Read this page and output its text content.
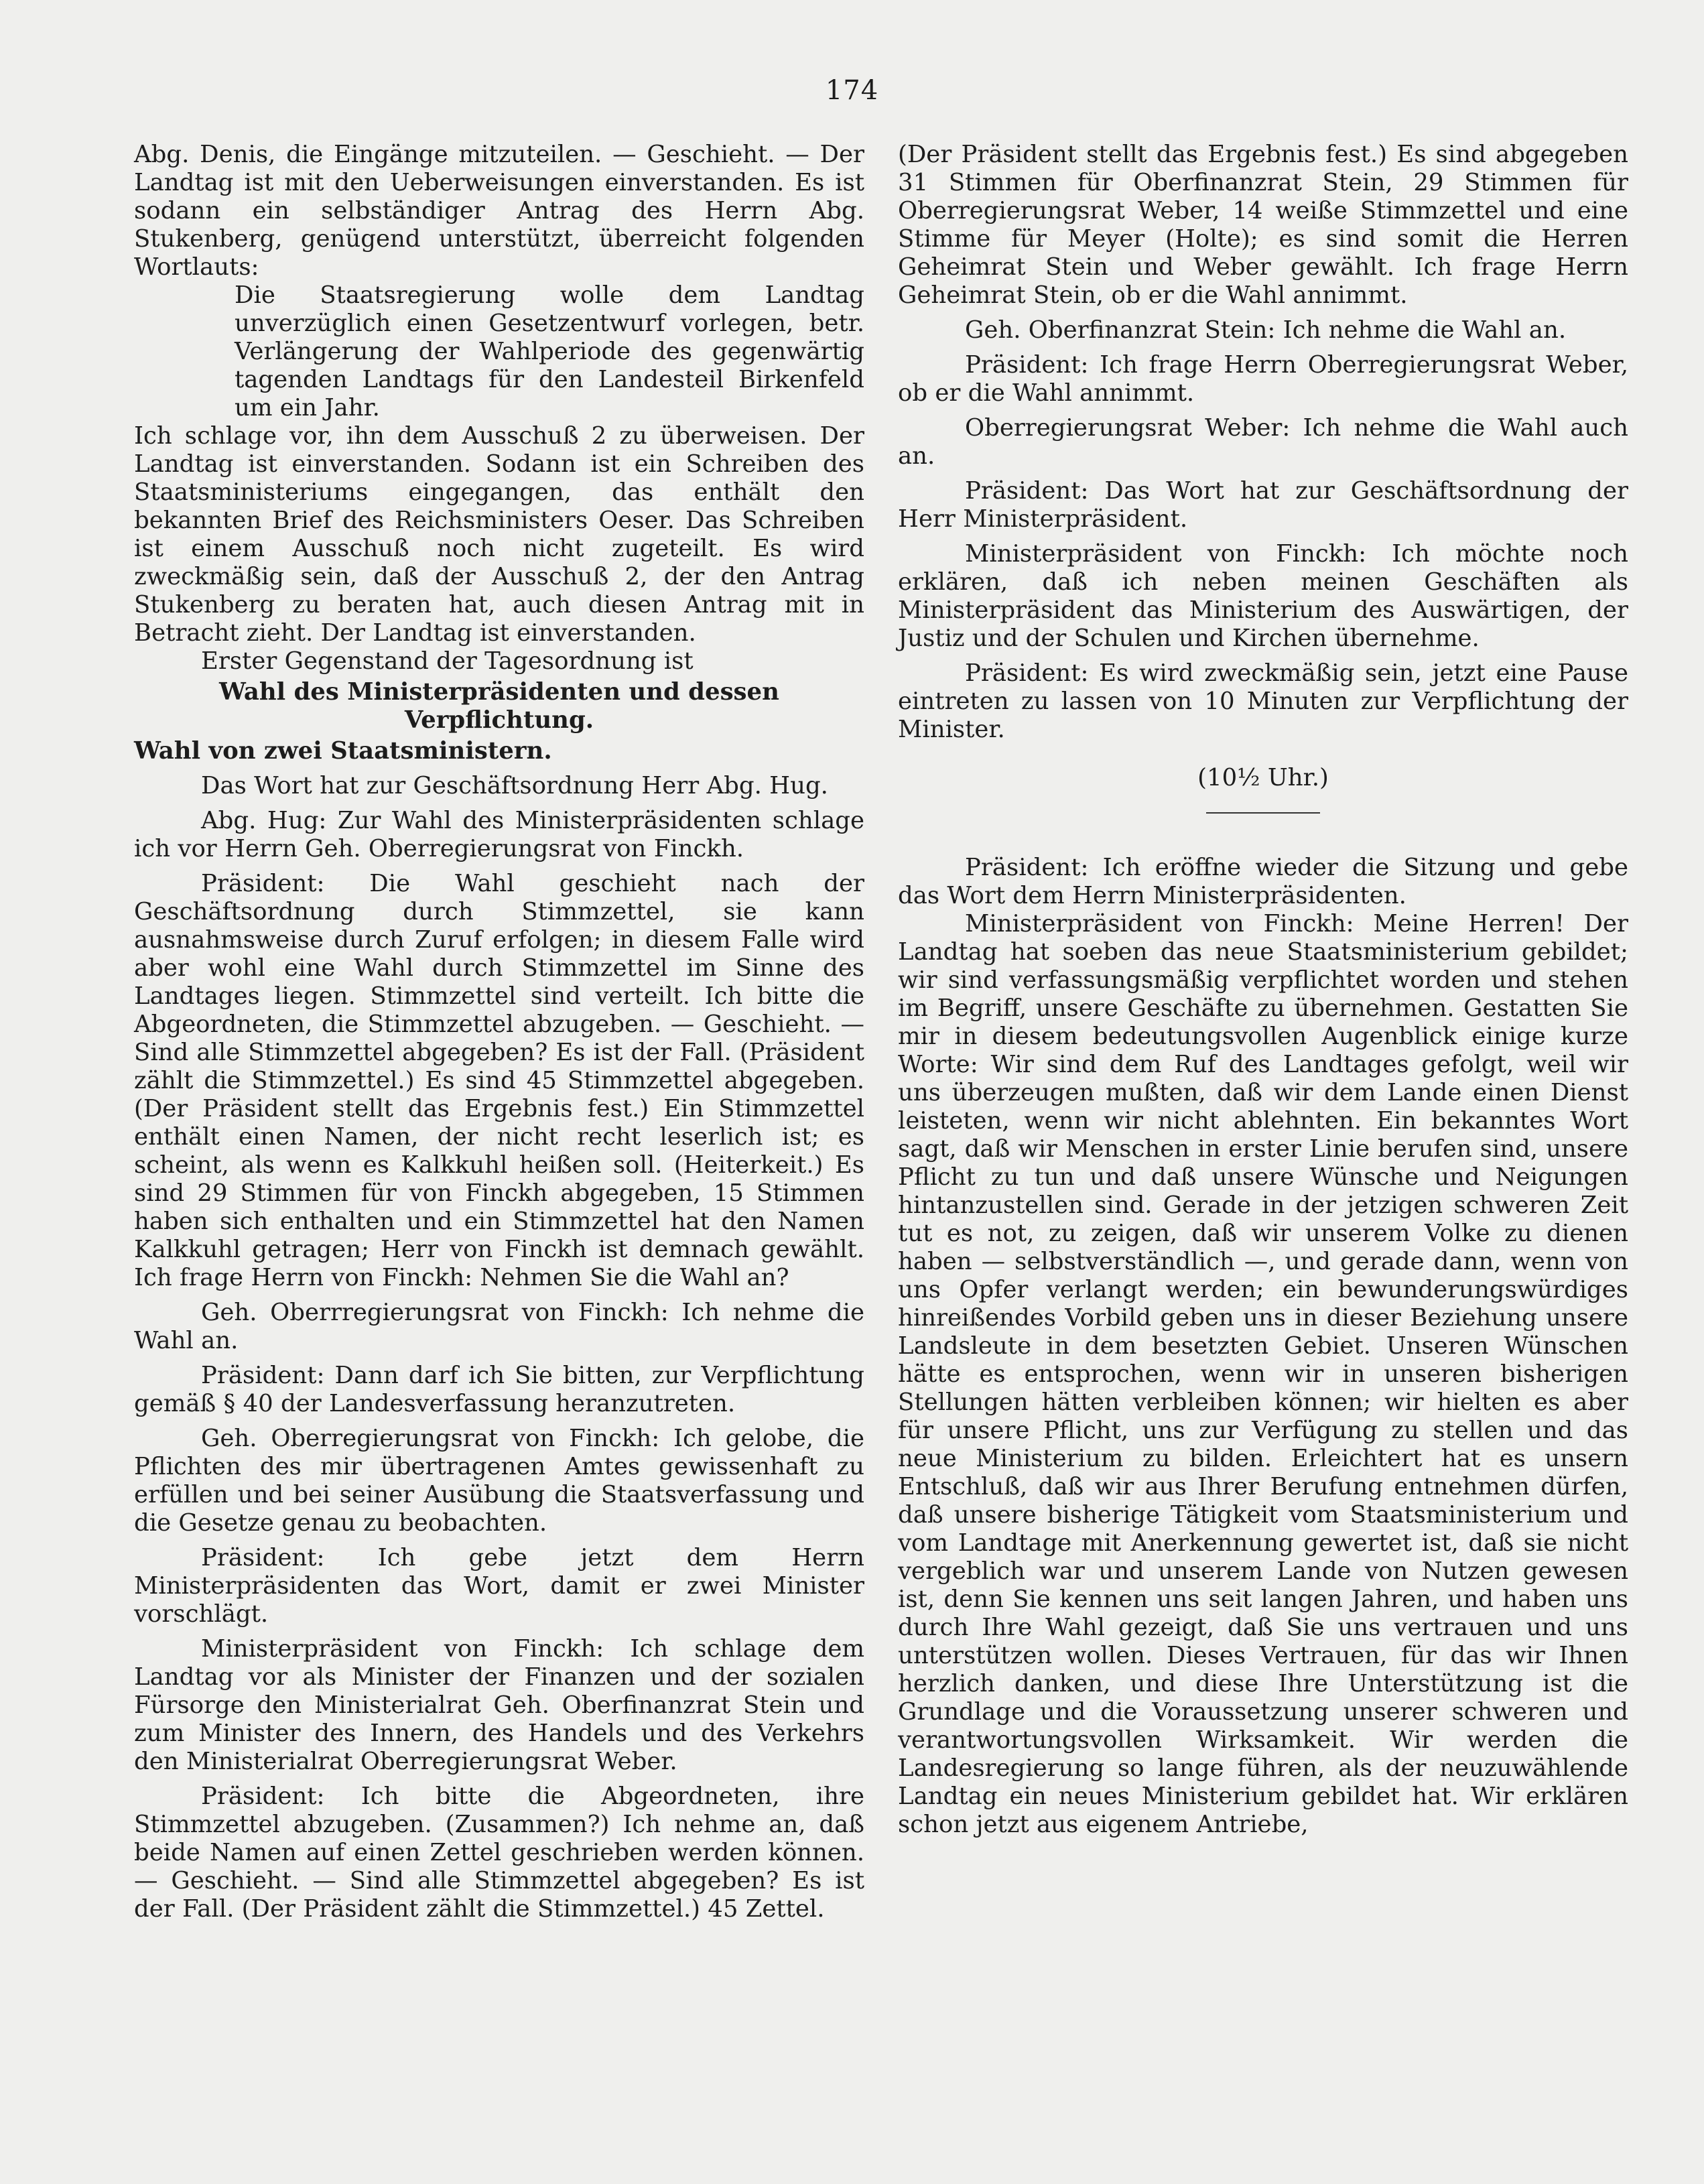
174

Abg. Denis, die Eingänge mitzuteilen. — Geschieht. — Der Landtag ist mit den Ueberweisungen einverstanden. Es ist sodann ein selbständiger Antrag des Herrn Abg. Stukenberg, genügend unterstützt, überreicht folgenden Wortlauts:

Die Staatsregierung wolle dem Landtag unverzüglich einen Gesetzentwurf vorlegen, betr. Verlängerung der Wahlperiode des gegenwärtig tagenden Landtags für den Landesteil Birkenfeld um ein Jahr.

Ich schlage vor, ihn dem Ausschuß 2 zu überweisen. Der Landtag ist einverstanden. Sodann ist ein Schreiben des Staatsministeriums eingegangen, das enthält den bekannten Brief des Reichsministers Oeser. Das Schreiben ist einem Ausschuß noch nicht zugeteilt. Es wird zweckmäßig sein, daß der Ausschuß 2, der den Antrag Stukenberg zu beraten hat, auch diesen Antrag mit in Betracht zieht. Der Landtag ist einverstanden.

Erster Gegenstand der Tagesordnung ist

Wahl des Ministerpräsidenten und dessen Verpflichtung.

Wahl von zwei Staatsministern.

Das Wort hat zur Geschäftsordnung Herr Abg. Hug.

Abg. Hug: Zur Wahl des Ministerpräsidenten schlage ich vor Herrn Geh. Oberregierungsrat von Finckh.

Präsident: Die Wahl geschieht nach der Geschäftsordnung durch Stimmzettel, sie kann ausnahmsweise durch Zuruf erfolgen; in diesem Falle wird aber wohl eine Wahl durch Stimmzettel im Sinne des Landtages liegen. Stimmzettel sind verteilt. Ich bitte die Abgeordneten, die Stimmzettel abzugeben. — Geschieht. — Sind alle Stimmzettel abgegeben? Es ist der Fall. (Präsident zählt die Stimmzettel.) Es sind 45 Stimmzettel abgegeben. (Der Präsident stellt das Ergebnis fest.) Ein Stimmzettel enthält einen Namen, der nicht recht leserlich ist; es scheint, als wenn es Kalkkuhl heißen soll. (Heiterkeit.) Es sind 29 Stimmen für von Finckh abgegeben, 15 Stimmen haben sich enthalten und ein Stimmzettel hat den Namen Kalkkuhl getragen; Herr von Finckh ist demnach gewählt. Ich frage Herrn von Finckh: Nehmen Sie die Wahl an?

Geh. Oberrregierungsrat von Finckh: Ich nehme die Wahl an.

Präsident: Dann darf ich Sie bitten, zur Verpflichtung gemäß § 40 der Landesverfassung heranzutreten.

Geh. Oberregierungsrat von Finckh: Ich gelobe, die Pflichten des mir übertragenen Amtes gewissenhaft zu erfüllen und bei seiner Ausübung die Staatsverfassung und die Gesetze genau zu beobachten.

Präsident: Ich gebe jetzt dem Herrn Ministerpräsidenten das Wort, damit er zwei Minister vorschlägt.

Ministerpräsident von Finckh: Ich schlage dem Landtag vor als Minister der Finanzen und der sozialen Fürsorge den Ministerialrat Geh. Oberfinanzrat Stein und zum Minister des Innern, des Handels und des Verkehrs den Ministerialrat Oberregierungsrat Weber.

Präsident: Ich bitte die Abgeordneten, ihre Stimmzettel abzugeben. (Zusammen?) Ich nehme an, daß beide Namen auf einen Zettel geschrieben werden können. — Geschieht. — Sind alle Stimmzettel abgegeben? Es ist der Fall. (Der Präsident zählt die Stimmzettel.) 45 Zettel.

(Der Präsident stellt das Ergebnis fest.) Es sind abgegeben 31 Stimmen für Oberfinanzrat Stein, 29 Stimmen für Oberregierungsrat Weber, 14 weiße Stimmzettel und eine Stimme für Meyer (Holte); es sind somit die Herren Geheimrat Stein und Weber gewählt. Ich frage Herrn Geheimrat Stein, ob er die Wahl annimmt.

Geh. Oberfinanzrat Stein: Ich nehme die Wahl an.

Präsident: Ich frage Herrn Oberregierungsrat Weber, ob er die Wahl annimmt.

Oberregierungsrat Weber: Ich nehme die Wahl auch an.

Präsident: Das Wort hat zur Geschäftsordnung der Herr Ministerpräsident.

Ministerpräsident von Finckh: Ich möchte noch erklären, daß ich neben meinen Geschäften als Ministerpräsident das Ministerium des Auswärtigen, der Justiz und der Schulen und Kirchen übernehme.

Präsident: Es wird zweckmäßig sein, jetzt eine Pause eintreten zu lassen von 10 Minuten zur Verpflichtung der Minister.

(10½ Uhr.)

Präsident: Ich eröffne wieder die Sitzung und gebe das Wort dem Herrn Ministerpräsidenten.

Ministerpräsident von Finckh: Meine Herren! Der Landtag hat soeben das neue Staatsministerium gebildet; wir sind verfassungsmäßig verpflichtet worden und stehen im Begriff, unsere Geschäfte zu übernehmen. Gestatten Sie mir in diesem bedeutungsvollen Augenblick einige kurze Worte: Wir sind dem Ruf des Landtages gefolgt, weil wir uns überzeugen mußten, daß wir dem Lande einen Dienst leisteten, wenn wir nicht ablehnten. Ein bekanntes Wort sagt, daß wir Menschen in erster Linie berufen sind, unsere Pflicht zu tun und daß unsere Wünsche und Neigungen hintanzustellen sind. Gerade in der jetzigen schweren Zeit tut es not, zu zeigen, daß wir unserem Volke zu dienen haben — selbstverständlich —, und gerade dann, wenn von uns Opfer verlangt werden; ein bewunderungswürdiges hinreißendes Vorbild geben uns in dieser Beziehung unsere Landsleute in dem besetzten Gebiet. Unseren Wünschen hätte es entsprochen, wenn wir in unseren bisherigen Stellungen hätten verbleiben können; wir hielten es aber für unsere Pflicht, uns zur Verfügung zu stellen und das neue Ministerium zu bilden. Erleichtert hat es unsern Entschluß, daß wir aus Ihrer Berufung entnehmen dürfen, daß unsere bisherige Tätigkeit vom Staatsministerium und vom Landtage mit Anerkennung gewertet ist, daß sie nicht vergeblich war und unserem Lande von Nutzen gewesen ist, denn Sie kennen uns seit langen Jahren, und haben uns durch Ihre Wahl gezeigt, daß Sie uns vertrauen und uns unterstützen wollen. Dieses Vertrauen, für das wir Ihnen herzlich danken, und diese Ihre Unterstützung ist die Grundlage und die Voraussetzung unserer schweren und verantwortungsvollen Wirksamkeit. Wir werden die Landesregierung so lange führen, als der neuzuwählende Landtag ein neues Ministerium gebildet hat. Wir erklären schon jetzt aus eigenem Antriebe,
